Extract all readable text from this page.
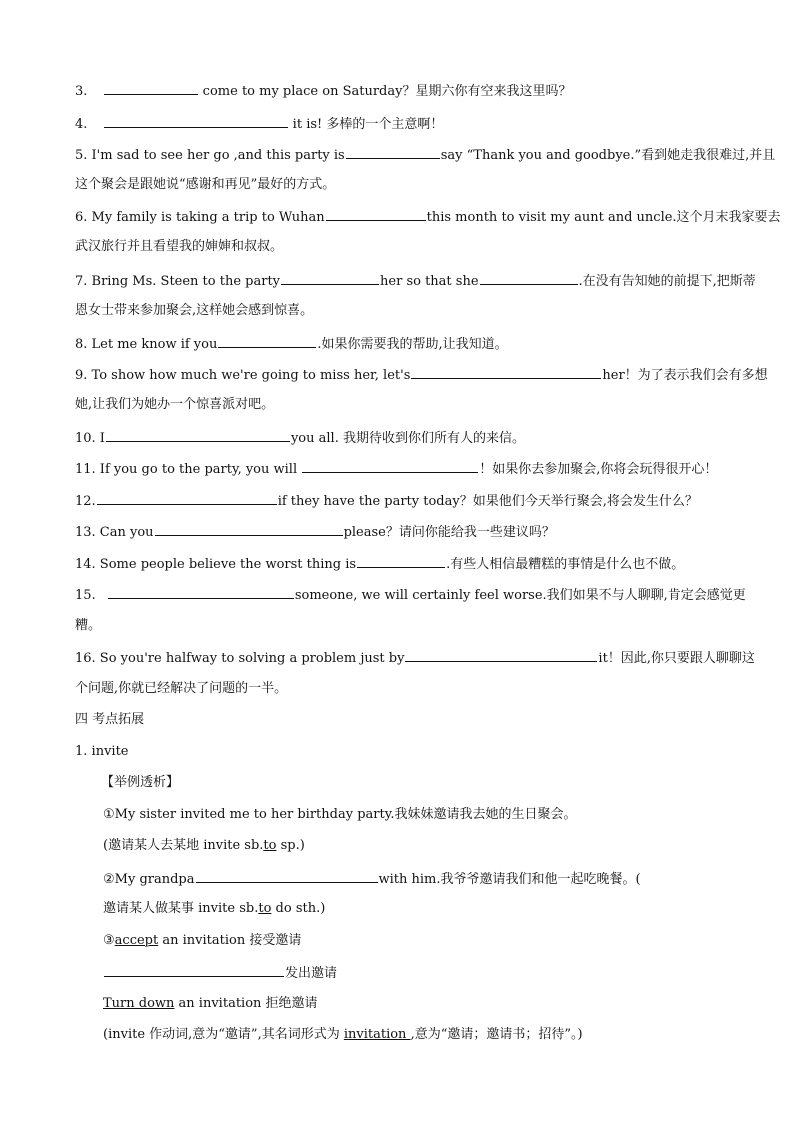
3.	come to my place on Saturday？星期六你有空来我这里吗？
4.	it is! 多棒的一个主意啊！
5. I'm sad to see her go ,and this party is	say “Thank you and goodbye.”看到她走我很难过,并且
这个聚会是跟她说“感谢和再见”最好的方式。
6. My family is taking a trip to Wuhan	this month to visit my aunt and uncle.这个月末我家要去
武汉旅行并且看望我的婶婶和叔叔。
7. Bring Ms. Steen to the party	her so that she	.在没有告知她的前提下,把斯蒂
恩女士带来参加聚会,这样她会感到惊喜。
8. Let me know if you	.如果你需要我的帮助,让我知道。
9. To show how much we're going to miss her, let's	her！为了表示我们会有多想
她,让我们为她办一个惊喜派对吧。
10. I	you all. 我期待收到你们所有人的来信。
11. If you go to the party, you will	！如果你去参加聚会,你将会玩得很开心！
12.	if they have the party today？如果他们今天举行聚会,将会发生什么？
13. Can you	please？请问你能给我一些建议吗？
14. Some people believe the worst thing is	.有些人相信最糟糕的事情是什么也不做。
15.	someone, we will certainly feel worse.我们如果不与人聊聊,肯定会感觉更
糟。
16. So you're halfway to solving a problem just by	it！因此,你只要跟人聊聊这
个问题,你就已经解决了问题的一半。
四 考点拓展
1. invite
【举例透析】
①My sister invited me to her birthday party.我妹妹邀请我去她的生日聚会。
(邀请某人去某地 invite sb.to sp.)
②My grandpa	with him.我爷爷邀请我们和他一起吃晚餐。(
邀请某人做某事 invite sb.to do sth.)
③accept an invitation 接受邀请
发出邀请
Turn down an invitation 拒绝邀请
(invite 作动词,意为“邀请”,其名词形式为 invitation ,意为“邀请；邀请书；招待”。)
